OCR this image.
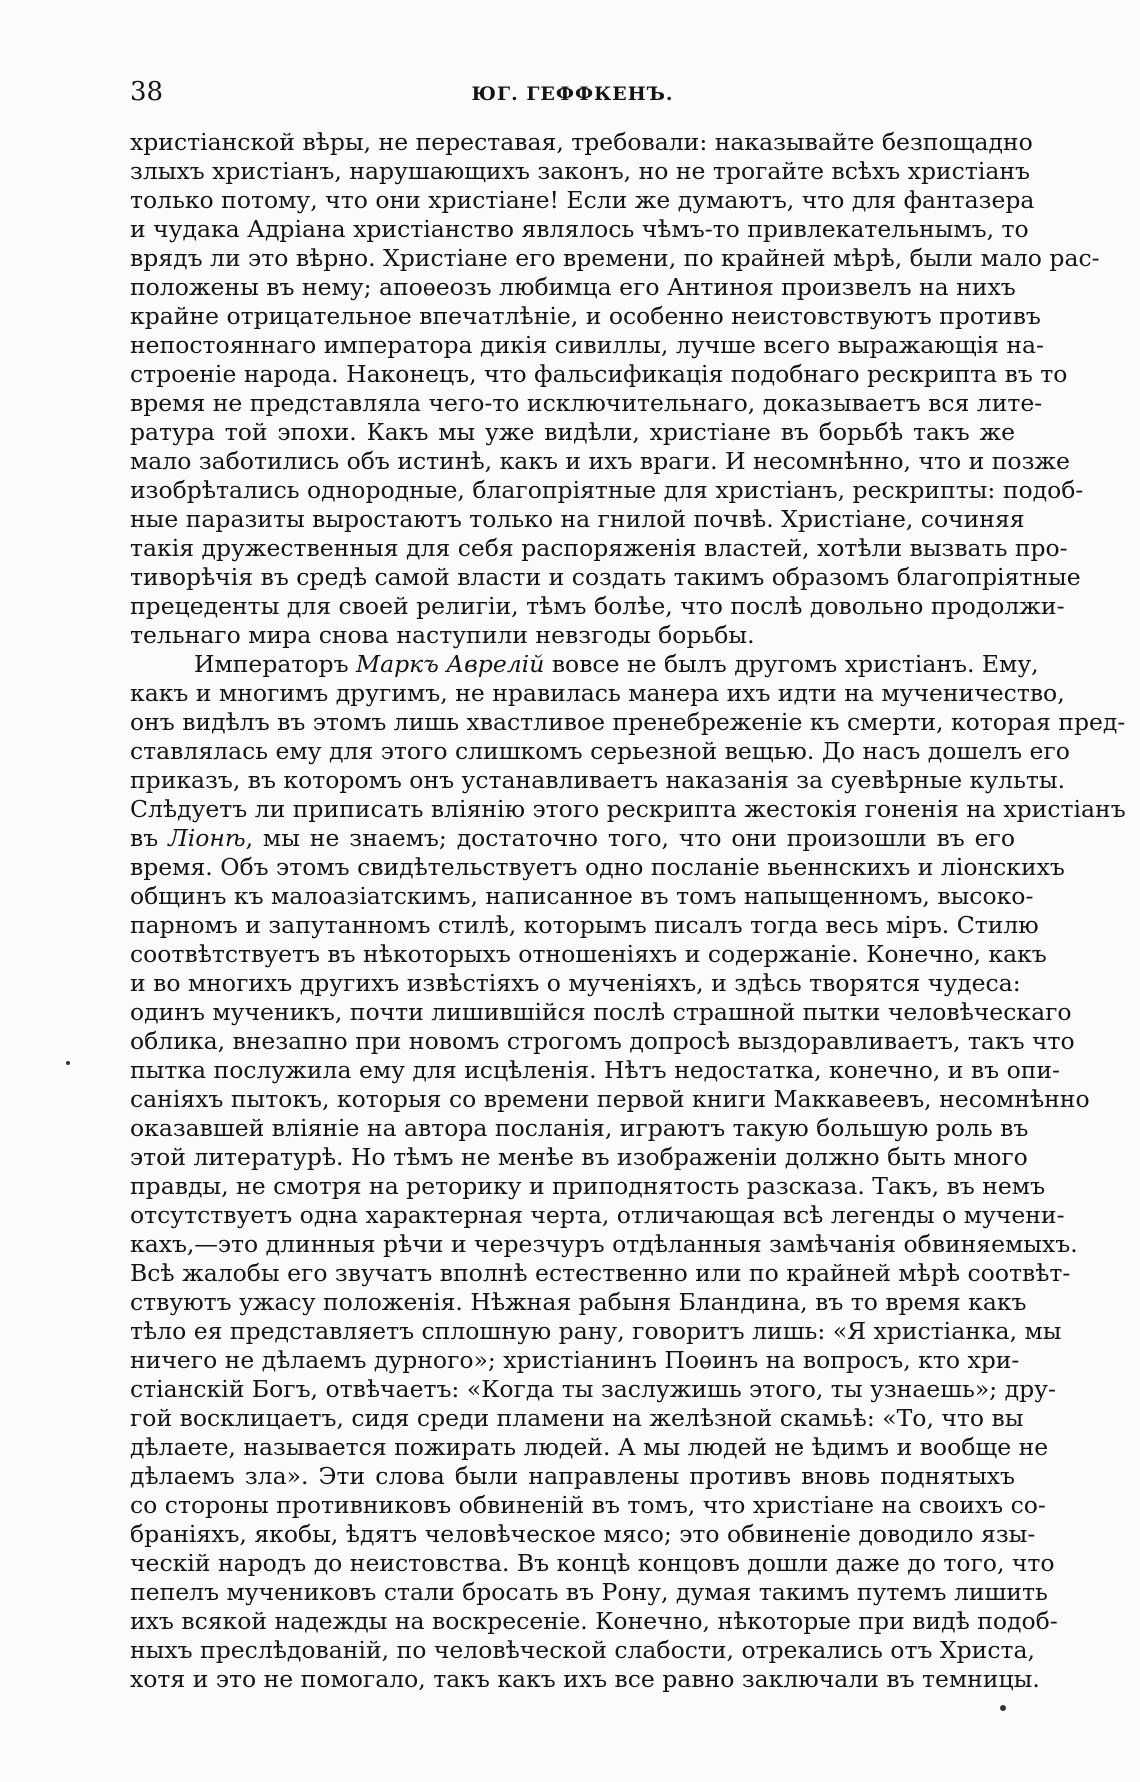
38	ЮГ. ГЕФФКЕНЪ.
христіанской вѣры, не переставая, требовали: наказывайте безпощадно
злыхъ христіанъ, нарушающихъ законъ, но не трогайте всѣхъ христіанъ
только потому, что они христіане! Если же думаютъ, что для фантазера
и чудака Адріана христіанство являлось чѣмъ-то привлекательнымъ, то
врядъ ли это вѣрно. Христіане его времени, по крайней мѣрѣ, были мало рас-
положены въ нему; апоѳеозъ любимца его Антиноя произвелъ на нихъ
крайне отрицательное впечатлѣніе, и особенно неистовствуютъ противъ
непостояннаго императора дикія сивиллы, лучше всего выражающія на-
строеніе народа. Наконецъ, что фальсификація подобнаго рескрипта въ то
время не представляла чего-то исключительнаго, доказываетъ вся лите-
ратура той эпохи. Какъ мы уже видѣли, христіане въ борьбѣ такъ же
мало заботились объ истинѣ, какъ и ихъ враги. И несомнѣнно, что и позже
изобрѣтались однородные, благопріятные для христіанъ, рескрипты: подоб-
ные паразиты выростаютъ только на гнилой почвѣ. Христіане, сочиняя
такія дружественныя для себя распоряженія властей, хотѣли вызвать про-
тиворѣчія въ средѣ самой власти и создать такимъ образомъ благопріятные
прецеденты для своей религіи, тѣмъ болѣе, что послѣ довольно продолжи-
тельнаго мира снова наступили невзгоды борьбы.
Императоръ Маркъ Аврелій вовсе не былъ другомъ христіанъ. Ему,
какъ и многимъ другимъ, не нравилась манера ихъ идти на мученичество,
онъ видѣлъ въ этомъ лишь хвастливое пренебреженіе къ смерти, которая пред-
ставлялась ему для этого слишкомъ серьезной вещью. До насъ дошелъ его
приказъ, въ которомъ онъ устанавливаетъ наказанія за суевѣрные культы.
Слѣдуетъ ли приписать вліянію этого рескрипта жестокія гоненія на христіанъ
въ Ліонѣ, мы не знаемъ; достаточно того, что они произошли въ его
время. Объ этомъ свидѣтельствуетъ одно посланіе вьеннскихъ и ліонскихъ
общинъ къ малоазіатскимъ, написанное въ томъ напыщенномъ, высоко-
парномъ и запутанномъ стилѣ, которымъ писалъ тогда весь міръ. Стилю
соотвѣтствуетъ въ нѣкоторыхъ отношеніяхъ и содержаніе. Конечно, какъ
и во многихъ другихъ извѣстіяхъ о мученіяхъ, и здѣсь творятся чудеса:
одинъ мученикъ, почти лишившійся послѣ страшной пытки человѣческаго
облика, внезапно при новомъ строгомъ допросѣ выздоравливаетъ, такъ что
пытка послужила ему для исцѣленія. Нѣтъ недостатка, конечно, и въ опи-
саніяхъ пытокъ, которыя со времени первой книги Маккавеевъ, несомнѣнно
оказавшей вліяніе на автора посланія, играютъ такую большую роль въ
этой литературѣ. Но тѣмъ не менѣе въ изображеніи должно быть много
правды, не смотря на реторику и приподнятость разсказа. Такъ, въ немъ
отсутствуетъ одна характерная черта, отличающая всѣ легенды о мучени-
кахъ,—это длинныя рѣчи и черезчуръ отдѣланныя замѣчанія обвиняемыхъ.
Всѣ жалобы его звучатъ вполнѣ естественно или по крайней мѣрѣ соотвѣт-
ствуютъ ужасу положенія. Нѣжная рабыня Бландина, въ то время какъ
тѣло ея представляетъ сплошную рану, говоритъ лишь: «Я христіанка, мы
ничего не дѣлаемъ дурного»; христіанинъ Поѳинъ на вопросъ, кто хри-
стіанскій Богъ, отвѣчаетъ: «Когда ты заслужишь этого, ты узнаешь»; дру-
гой восклицаетъ, сидя среди пламени на желѣзной скамьѣ: «То, что вы
дѣлаете, называется пожирать людей. А мы людей не ѣдимъ и вообще не
дѣлаемъ зла». Эти слова были направлены противъ вновь поднятыхъ
со стороны противниковъ обвиненій въ томъ, что христіане на своихъ со-
браніяхъ, якобы, ѣдятъ человѣческое мясо; это обвиненіе доводило язы-
ческій народъ до неистовства. Въ концѣ концовъ дошли даже до того, что
пепелъ мучениковъ стали бросать въ Рону, думая такимъ путемъ лишить
ихъ всякой надежды на воскресеніе. Конечно, нѣкоторые при видѣ подоб-
ныхъ преслѣдованій, по человѣческой слабости, отрекались отъ Христа,
хотя и это не помогало, такъ какъ ихъ все равно заключали въ темницы.
